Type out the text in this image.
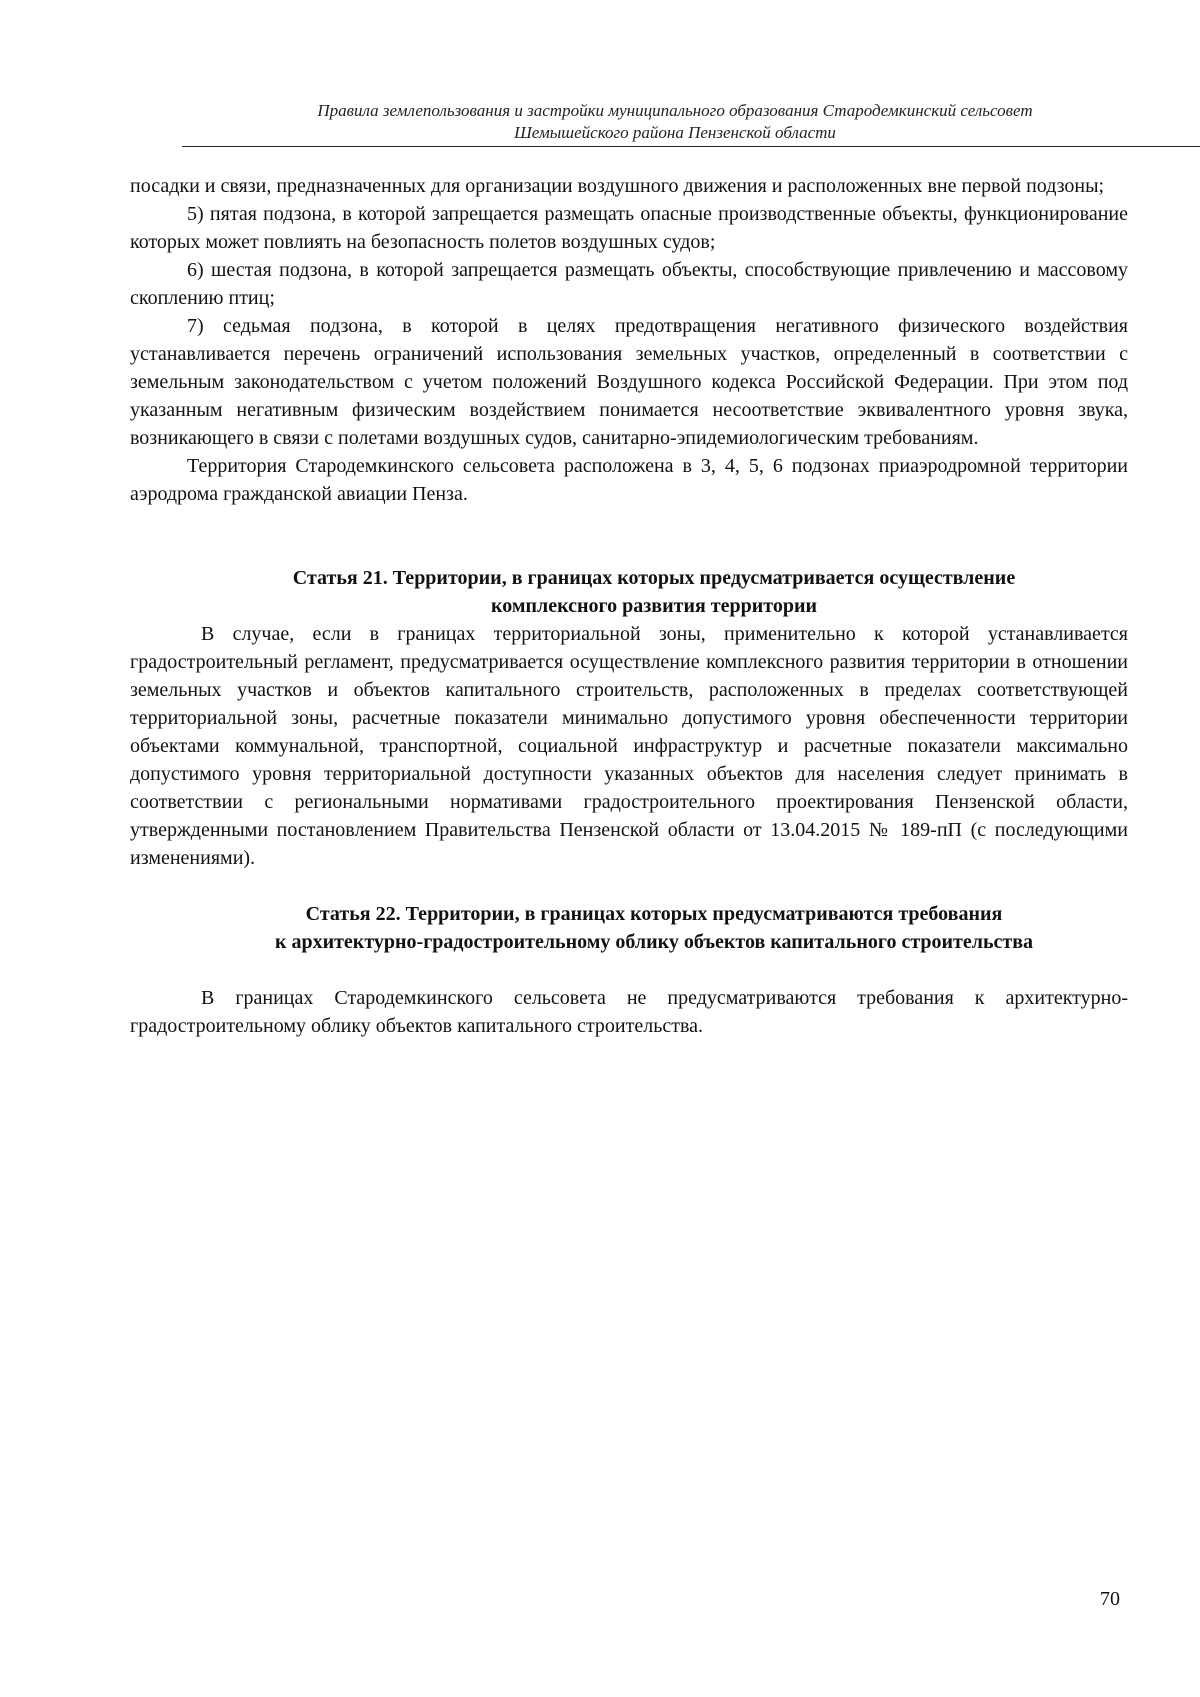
Правила землепользования и застройки муниципального образования Стародемкинский сельсовет
Шемышейского района Пензенской области

посадки и связи, предназначенных для организации воздушного движения и расположенных вне первой подзоны;

5) пятая подзона, в которой запрещается размещать опасные производственные объекты, функционирование которых может повлиять на безопасность полетов воздушных судов;

6) шестая подзона, в которой запрещается размещать объекты, способствующие привлечению и массовому скоплению птиц;

7) седьмая подзона, в которой в целях предотвращения негативного физического воздействия устанавливается перечень ограничений использования земельных участков, определенный в соответствии с земельным законодательством с учетом положений Воздушного кодекса Российской Федерации. При этом под указанным негативным физическим воздействием понимается несоответствие эквивалентного уровня звука, возникающего в связи с полетами воздушных судов, санитарно-эпидемиологическим требованиям.

Территория Стародемкинского сельсовета расположена в 3, 4, 5, 6 подзонах приаэродромной территории аэродрома гражданской авиации Пенза.

Статья 21. Территории, в границах которых предусматривается осуществление
комплексного развития территории

В случае, если в границах территориальной зоны, применительно к которой устанавливается градостроительный регламент, предусматривается осуществление комплексного развития территории в отношении земельных участков и объектов капитального строительств, расположенных в пределах соответствующей территориальной зоны, расчетные показатели минимально допустимого уровня обеспеченности территории объектами коммунальной, транспортной, социальной инфраструктур и расчетные показатели максимально допустимого уровня территориальной доступности указанных объектов для населения следует принимать в соответствии с региональными нормативами градостроительного проектирования Пензенской области, утвержденными постановлением Правительства Пензенской области от 13.04.2015 № 189-пП (с последующими изменениями).

Статья 22. Территории, в границах которых предусматриваются требования
к архитектурно-градостроительному облику объектов капитального строительства

В границах Стародемкинского сельсовета не предусматриваются требования к архитектурно-градостроительному облику объектов капитального строительства.

70
